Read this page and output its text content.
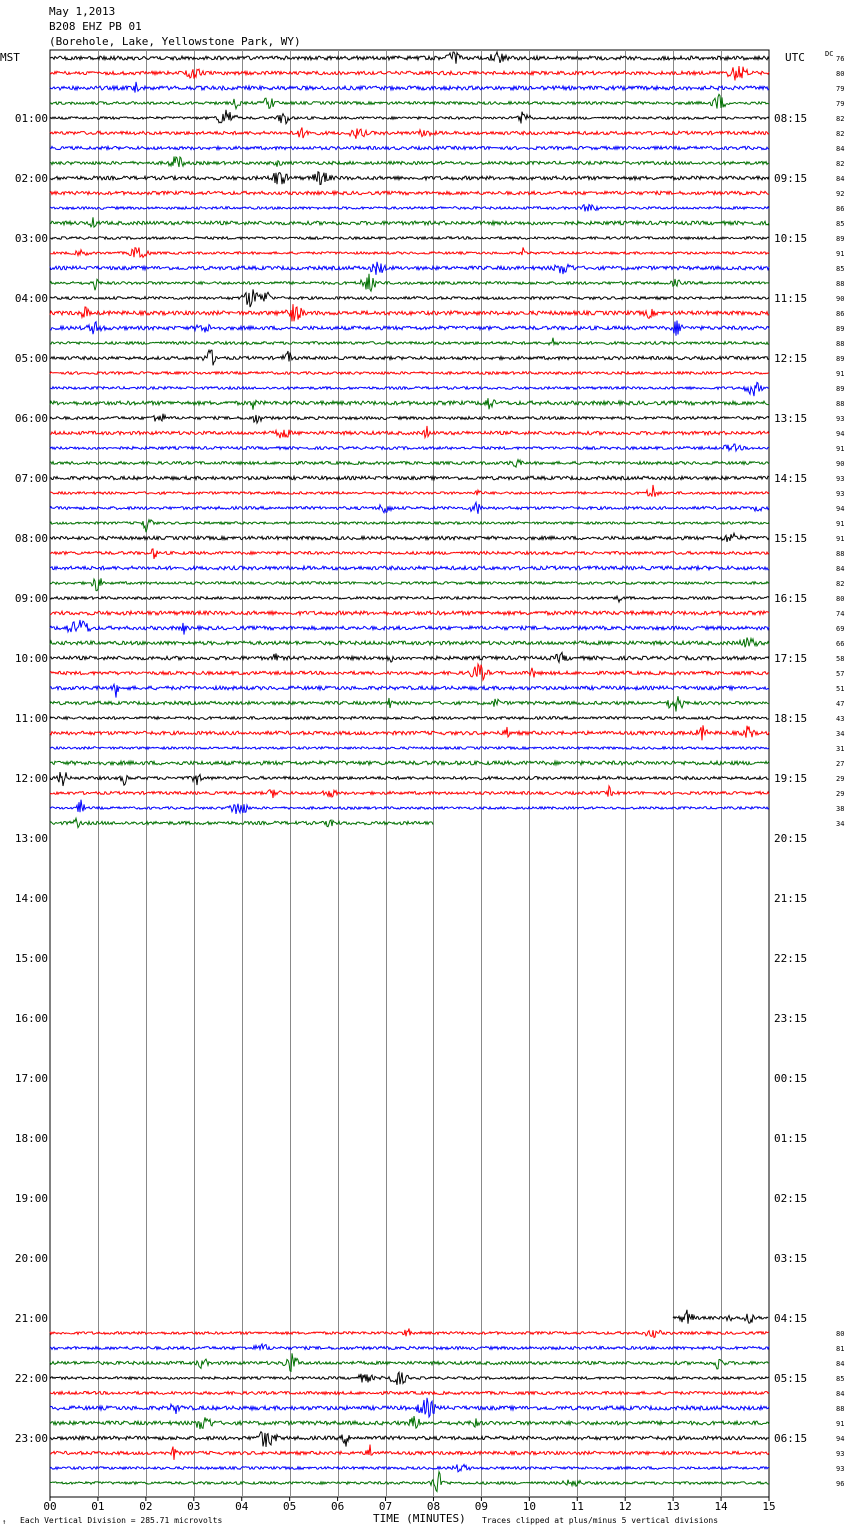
May 1,2013
B208 EHZ PB 01
(Borehole, Lake, Yellowstone Park, WY)
MST	UTC
01:00
02:00
03:00
04:00
05:00
06:00
07:00
08:00
09:00
10:00
11:00
12:00
13:00
14:00
15:00
16:00
17:00
18:00
19:00
20:00
21:00
22:00
23:00
08:15
09:15
10:15
11:15
12:15
13:15
14:15
15:15
16:15
17:15
18:15
19:15
20:15
21:15
22:15
23:15
00:15
01:15
02:15
03:15
04:15
05:15
06:15
DC
76
80
79
79
82
82
84
82
84
92
86
85
89
91
85
88
90
86
89
88
89
91
89
88
93
94
91
90
93
93
94
91
91
88
84
82
80
74
69
66
58
57
51
47
43
34
31
27
29
29
38
34
80
81
84
85
84
88
91
94
93
93
96
00	01	02	03	04	05	06	07	08	09	10	11	12	13	14	15
↑ Each Vertical Division = 285.71 microvolts	TIME (MINUTES) Traces clipped at plus/minus 5 vertical divisions
